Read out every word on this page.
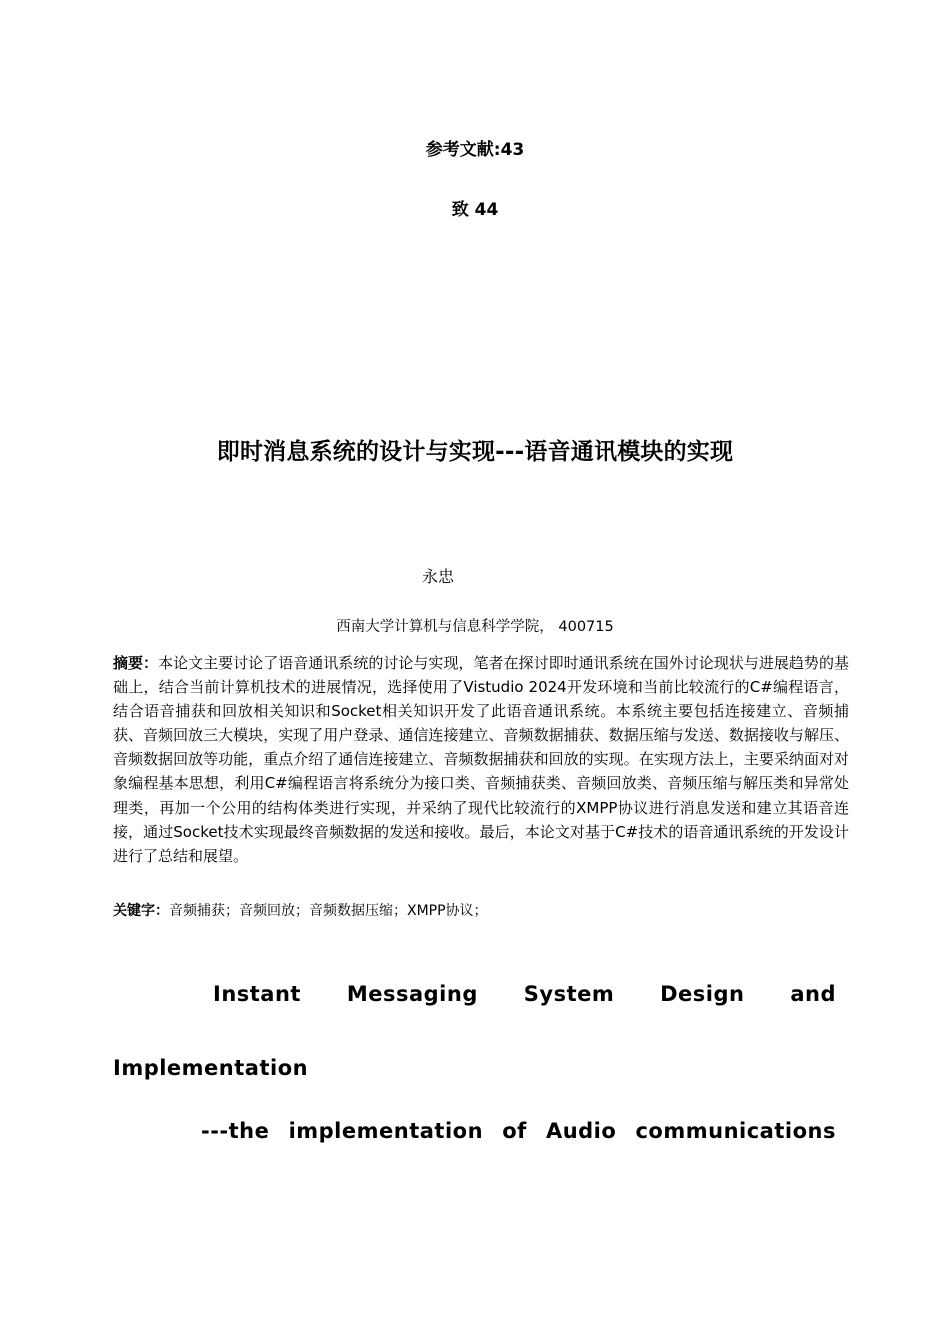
参考文献:43
致 44
即时消息系统的设计与实现---语音通讯模块的实现
永忠
西南大学计算机与信息科学学院， 400715

摘要：本论文主要讨论了语音通讯系统的讨论与实现，笔者在探讨即时通讯系统在国外讨论现状与进展趋势的基础上，结合当前计算机技术的进展情况，选择使用了Vistudio 2024开发环境和当前比较流行的C#编程语言，结合语音捕获和回放相关知识和Socket相关知识开发了此语音通讯系统。本系统主要包括连接建立、音频捕获、音频回放三大模块，实现了用户登录、通信连接建立、音频数据捕获、数据压缩与发送、数据接收与解压、音频数据回放等功能，重点介绍了通信连接建立、音频数据捕获和回放的实现。在实现方法上，主要采纳面对对象编程基本思想，利用C#编程语言将系统分为接口类、音频捕获类、音频回放类、音频压缩与解压类和异常处理类，再加一个公用的结构体类进行实现，并采纳了现代比较流行的XMPP协议进行消息发送和建立其语音连接，通过Socket技术实现最终音频数据的发送和接收。最后，本论文对基于C#技术的语音通讯系统的开发设计进行了总结和展望。

关键字：音频捕获；音频回放；音频数据压缩；XMPP协议；

Instant Messaging System Design and
Implementation
---the implementation of Audio communications
